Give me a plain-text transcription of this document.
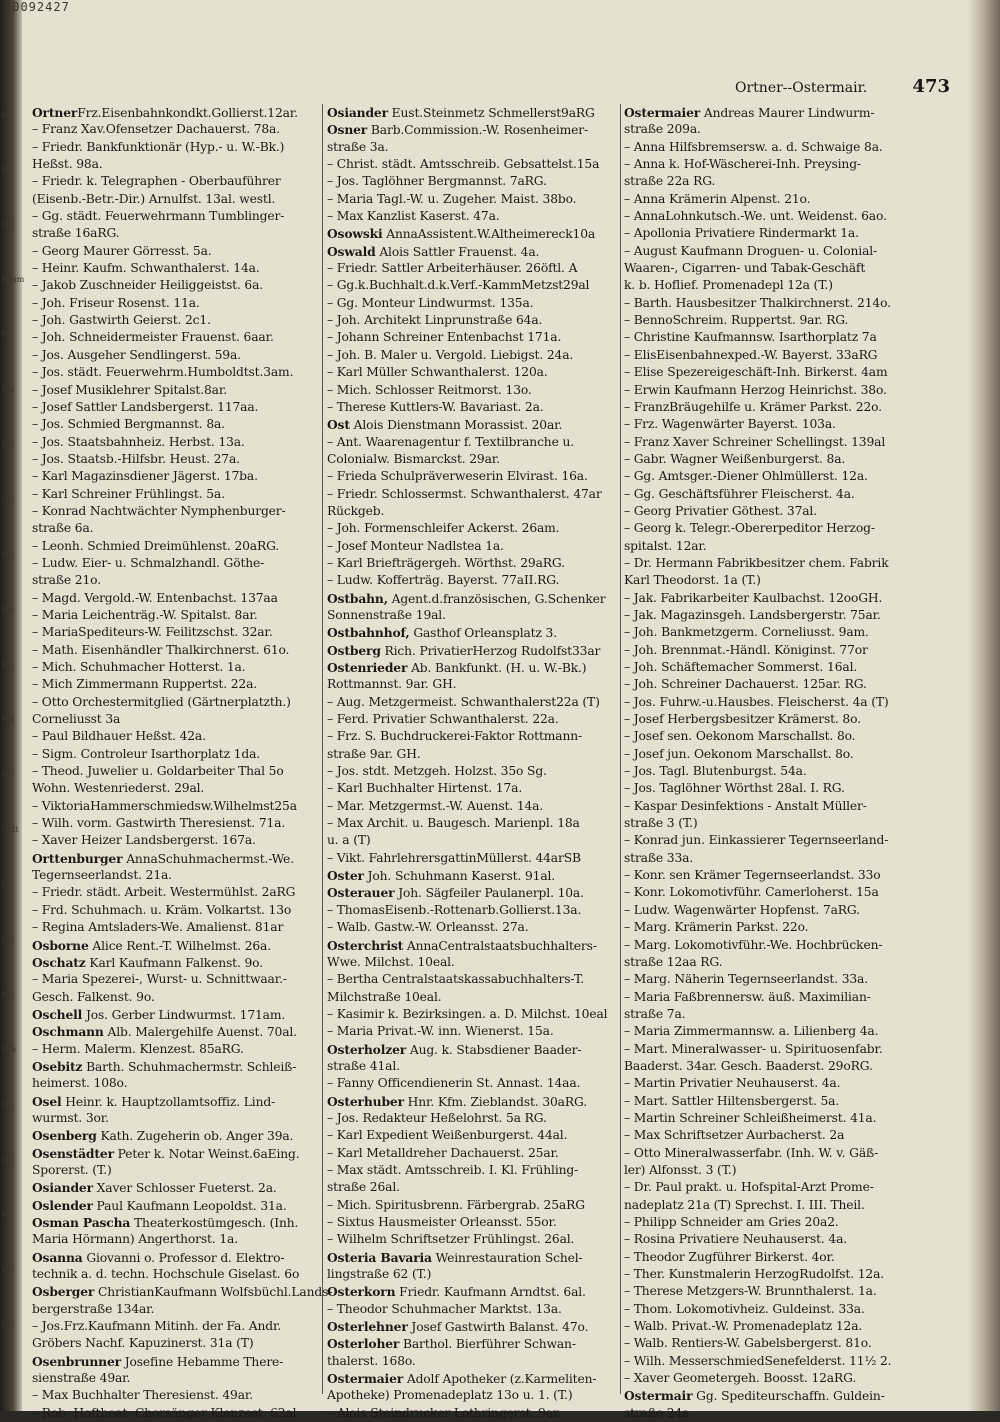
00092427
ä
br.
nd.
Baum
Fr
Ma
Ma
Ge
ife
He
Ka
Ma
ins
Gott
Pr
ins
Ko
Sch
Co
Op
ic
Vo
Ba
Ortner--Ostermair.	473
OrtnerFrz.Eisenbahnkondkt.Gollierst.12ar.
– Franz Xav.Ofensetzer Dachauerst. 78a.
– Friedr. Bankfunktionär (Hyp.- u. W.-Bk.)
Heßst. 98a.
– Friedr. k. Telegraphen - Oberbauführer
(Eisenb.-Betr.-Dir.) Arnulfst. 13al. westl.
– Gg. städt. Feuerwehrmann Tumblinger-
straße 16aRG.
– Georg Maurer Görresst. 5a.
– Heinr. Kaufm. Schwanthalerst. 14a.
– Jakob Zuschneider Heiliggeistst. 6a.
– Joh. Friseur Rosenst. 11a.
– Joh. Gastwirth Geierst. 2c1.
– Joh. Schneidermeister Frauenst. 6aar.
– Jos. Ausgeher Sendlingerst. 59a.
– Jos. städt. Feuerwehrm.Humboldtst.3am.
– Josef Musiklehrer Spitalst.8ar.
– Josef Sattler Landsbergerst. 117aa.
– Jos. Schmied Bergmannst. 8a.
– Jos. Staatsbahnheiz. Herbst. 13a.
– Jos. Staatsb.-Hilfsbr. Heust. 27a.
– Karl Magazinsdiener Jägerst. 17ba.
– Karl Schreiner Frühlingst. 5a.
– Konrad Nachtwächter Nymphenburger-
straße 6a.
– Leonh. Schmied Dreimühlenst. 20aRG.
– Ludw. Eier- u. Schmalzhandl. Göthe-
straße 21o.
– Magd. Vergold.-W. Entenbachst. 137aa
– Maria Leichenträg.-W. Spitalst. 8ar.
– MariaSpediteurs-W. Feilitzschst. 32ar.
– Math. Eisenhändler Thalkirchnerst. 61o.
– Mich. Schuhmacher Hotterst. 1a.
– Mich Zimmermann Ruppertst. 22a.
– Otto Orchestermitglied (Gärtnerplatzth.)
Corneliusst 3a
– Paul Bildhauer Heßst. 42a.
– Sigm. Controleur Isarthorplatz 1da.
– Theod. Juwelier u. Goldarbeiter Thal 5o
Wohn. Westenriederst. 29al.
– ViktoriaHammerschmiedsw.Wilhelmst25a
– Wilh. vorm. Gastwirth Theresienst. 71a.
– Xaver Heizer Landsbergerst. 167a.
Orttenburger AnnaSchuhmachermst.-We.
Tegernseerlandst. 21a.
– Friedr. städt. Arbeit. Westermühlst. 2aRG
– Frd. Schuhmach. u. Kräm. Volkartst. 13o
– Regina Amtsladers-We. Amalienst. 81ar
Osborne Alice Rent.-T. Wilhelmst. 26a.
Oschatz Karl Kaufmann Falkenst. 9o.
– Maria Spezerei-, Wurst- u. Schnittwaar.-
Gesch. Falkenst. 9o.
Oschell Jos. Gerber Lindwurmst. 171am.
Oschmann Alb. Malergehilfe Auenst. 70al.
– Herm. Malerm. Klenzest. 85aRG.
Osebitz Barth. Schuhmachermstr. Schleiß-
heimerst. 108o.
Osel Heinr. k. Hauptzollamtsoffiz. Lind-
wurmst. 3or.
Osenberg Kath. Zugeherin ob. Anger 39a.
Osenstädter Peter k. Notar Weinst.6aEing.
Sporerst. (T.)
Osiander Xaver Schlosser Fueterst. 2a.
Oslender Paul Kaufmann Leopoldst. 31a.
Osman Pascha Theaterkostümgesch. (Inh.
Maria Hörmann) Angerthorst. 1a.
Osanna Giovanni o. Professor d. Elektro-
technik a. d. techn. Hochschule Giselast. 6o
Osberger ChristianKaufmann Wolfsbüchl.Lands-
bergerstraße 134ar.
– Jos.Frz.Kaufmann Mitinh. der Fa. Andr.
Gröbers Nachf. Kapuzinerst. 31a (T)
Osenbrunner Josefine Hebamme There-
sienstraße 49ar.
– Max Buchhalter Theresienst. 49ar.
– Rob. Hoftheat.-Chorsänger Klenzest. 62al.
Osiander Eust.Steinmetz Schmellerst9aRG
Osner Barb.Commission.-W. Rosenheimer-
straße 3a.
– Christ. städt. Amtsschreib. Gebsattelst.15a
– Jos. Taglöhner Bergmannst. 7aRG.
– Maria Tagl.-W. u. Zugeher. Maist. 38bo.
– Max Kanzlist Kaserst. 47a.
Osowski AnnaAssistent.W.Altheimereck10a
Oswald Alois Sattler Frauenst. 4a.
– Friedr. Sattler Arbeiterhäuser. 26öftl. A
– Gg.k.Buchhalt.d.k.Verf.-KammMetzst29al
– Gg. Monteur Lindwurmst. 135a.
– Joh. Architekt Linprunstraße 64a.
– Johann Schreiner Entenbachst 171a.
– Joh. B. Maler u. Vergold. Liebigst. 24a.
– Karl Müller Schwanthalerst. 120a.
– Mich. Schlosser Reitmorst. 13o.
– Therese Kuttlers-W. Bavariast. 2a.
Ost Alois Dienstmann Morassist. 20ar.
– Ant. Waarenagentur f. Textilbranche u.
Colonialw. Bismarckst. 29ar.
– Frieda Schulpräverweserin Elvirast. 16a.
– Friedr. Schlossermst. Schwanthalerst. 47ar
Rückgeb.
– Joh. Formenschleifer Ackerst. 26am.
– Josef Monteur Nadlstea 1a.
– Karl Briefträgergeh. Wörthst. 29aRG.
– Ludw. Kofferträg. Bayerst. 77aII.RG.
Ostbahn, Agent.d.französischen, G.Schenker
Sonnenstraße 19al.
Ostbahnhof, Gasthof Orleansplatz 3.
Ostberg Rich. PrivatierHerzog Rudolfst33ar
Ostenrieder Ab. Bankfunkt. (H. u. W.-Bk.)
Rottmannst. 9ar. GH.
– Aug. Metzgermeist. Schwanthalerst22a (T)
– Ferd. Privatier Schwanthalerst. 22a.
– Frz. S. Buchdruckerei-Faktor Rottmann-
straße 9ar. GH.
– Jos. stdt. Metzgeh. Holzst. 35o Sg.
– Karl Buchhalter Hirtenst. 17a.
– Mar. Metzgermst.-W. Auenst. 14a.
– Max Archit. u. Baugesch. Marienpl. 18a
u. a (T)
– Vikt. FahrlehrersgattinMüllerst. 44arSB
Oster Joh. Schuhmann Kaserst. 91al.
Osterauer Joh. Sägfeiler Paulanerpl. 10a.
– ThomasEisenb.-Rottenarb.Gollierst.13a.
– Walb. Gastw.-W. Orleansst. 27a.
Osterchrist AnnaCentralstaatsbuchhalters-
Wwe. Milchst. 10eal.
– Bertha Centralstaatskassabuchhalters-T.
Milchstraße 10eal.
– Kasimir k. Bezirksingen. a. D. Milchst. 10eal
– Maria Privat.-W. inn. Wienerst. 15a.
Osterholzer Aug. k. Stabsdiener Baader-
straße 41al.
– Fanny Officendienerin St. Annast. 14aa.
Osterhuber Hnr. Kfm. Zieblandst. 30aRG.
– Jos. Redakteur Heßelohrst. 5a RG.
– Karl Expedient Weißenburgerst. 44al.
– Karl Metalldreher Dachauerst. 25ar.
– Max städt. Amtsschreib. I. Kl. Frühling-
straße 26al.
– Mich. Spiritusbrenn. Färbergrab. 25aRG
– Sixtus Hausmeister Orleansst. 55or.
– Wilhelm Schriftsetzer Frühlingst. 26al.
Osteria Bavaria Weinrestauration Schel-
lingstraße 62 (T.)
Osterkorn Friedr. Kaufmann Arndtst. 6al.
– Theodor Schuhmacher Marktst. 13a.
Osterlehner Josef Gastwirth Balanst. 47o.
Osterloher Barthol. Bierführer Schwan-
thalerst. 168o.
Ostermaier Adolf Apotheker (z.Karmeliten-
Apotheke) Promenadeplatz 13o u. 1. (T.)
– Alois Steindrucker Lothringerst. 9ar.
Ostermaier Andreas Maurer Lindwurm-
straße 209a.
– Anna Hilfsbremsersw. a. d. Schwaige 8a.
– Anna k. Hof-Wäscherei-Inh. Preysing-
straße 22a RG.
– Anna Krämerin Alpenst. 21o.
– AnnaLohnkutsch.-We. unt. Weidenst. 6ao.
– Apollonia Privatiere Rindermarkt 1a.
– August Kaufmann Droguen- u. Colonial-
Waaren-, Cigarren- und Tabak-Geschäft
k. b. Hoflief. Promenadepl 12a (T.)
– Barth. Hausbesitzer Thalkirchnerst. 214o.
– BennoSchreim. Ruppertst. 9ar. RG.
– Christine Kaufmannsw. Isarthorplatz 7a
– ElisEisenbahnexped.-W. Bayerst. 33aRG
– Elise Spezereigeschäft-Inh. Birkerst. 4am
– Erwin Kaufmann Herzog Heinrichst. 38o.
– FranzBräugehilfe u. Krämer Parkst. 22o.
– Frz. Wagenwärter Bayerst. 103a.
– Franz Xaver Schreiner Schellingst. 139al
– Gabr. Wagner Weißenburgerst. 8a.
– Gg. Amtsger.-Diener Ohlmüllerst. 12a.
– Gg. Geschäftsführer Fleischerst. 4a.
– Georg Privatier Göthest. 37al.
– Georg k. Telegr.-Obererpeditor Herzog-
spitalst. 12ar.
– Dr. Hermann Fabrikbesitzer chem. Fabrik
Karl Theodorst. 1a (T.)
– Jak. Fabrikarbeiter Kaulbachst. 12ooGH.
– Jak. Magazinsgeh. Landsbergerstr. 75ar.
– Joh. Bankmetzgerm. Corneliusst. 9am.
– Joh. Brennmat.-Händl. Königinst. 77or
– Joh. Schäftemacher Sommerst. 16al.
– Joh. Schreiner Dachauerst. 125ar. RG.
– Jos. Fuhrw.-u.Hausbes. Fleischerst. 4a (T)
– Josef Herbergsbesitzer Krämerst. 8o.
– Josef sen. Oekonom Marschallst. 8o.
– Josef jun. Oekonom Marschallst. 8o.
– Jos. Tagl. Blutenburgst. 54a.
– Jos. Taglöhner Wörthst 28al. I. RG.
– Kaspar Desinfektions - Anstalt Müller-
straße 3 (T.)
– Konrad jun. Einkassierer Tegernseerland-
straße 33a.
– Konr. sen Krämer Tegernseerlandst. 33o
– Konr. Lokomotivführ. Camerloherst. 15a
– Ludw. Wagenwärter Hopfenst. 7aRG.
– Marg. Krämerin Parkst. 22o.
– Marg. Lokomotivführ.-We. Hochbrücken-
straße 12aa RG.
– Marg. Näherin Tegernseerlandst. 33a.
– Maria Faßbrennersw. äuß. Maximilian-
straße 7a.
– Maria Zimmermannsw. a. Lilienberg 4a.
– Mart. Mineralwasser- u. Spirituosenfabr.
Baaderst. 34ar. Gesch. Baaderst. 29oRG.
– Martin Privatier Neuhauserst. 4a.
– Mart. Sattler Hiltensbergerst. 5a.
– Martin Schreiner Schleißheimerst. 41a.
– Max Schriftsetzer Aurbacherst. 2a
– Otto Mineralwasserfabr. (Inh. W. v. Gäß-
ler) Alfonsst. 3 (T.)
– Dr. Paul prakt. u. Hofspital-Arzt Prome-
nadeplatz 21a (T) Sprechst. I. III. Theil.
– Philipp Schneider am Gries 20a2.
– Rosina Privatiere Neuhauserst. 4a.
– Theodor Zugführer Birkerst. 4or.
– Ther. Kunstmalerin HerzogRudolfst. 12a.
– Therese Metzgers-W. Brunnthalerst. 1a.
– Thom. Lokomotivheiz. Guldeinst. 33a.
– Walb. Privat.-W. Promenadeplatz 12a.
– Walb. Rentiers-W. Gabelsbergerst. 81o.
– Wilh. MesserschmiedSenefelderst. 11½ 2.
– Xaver Geometergeh. Boosst. 12aRG.
Ostermair Gg. Spediteurschaffn. Guldein-
straße 24a.
